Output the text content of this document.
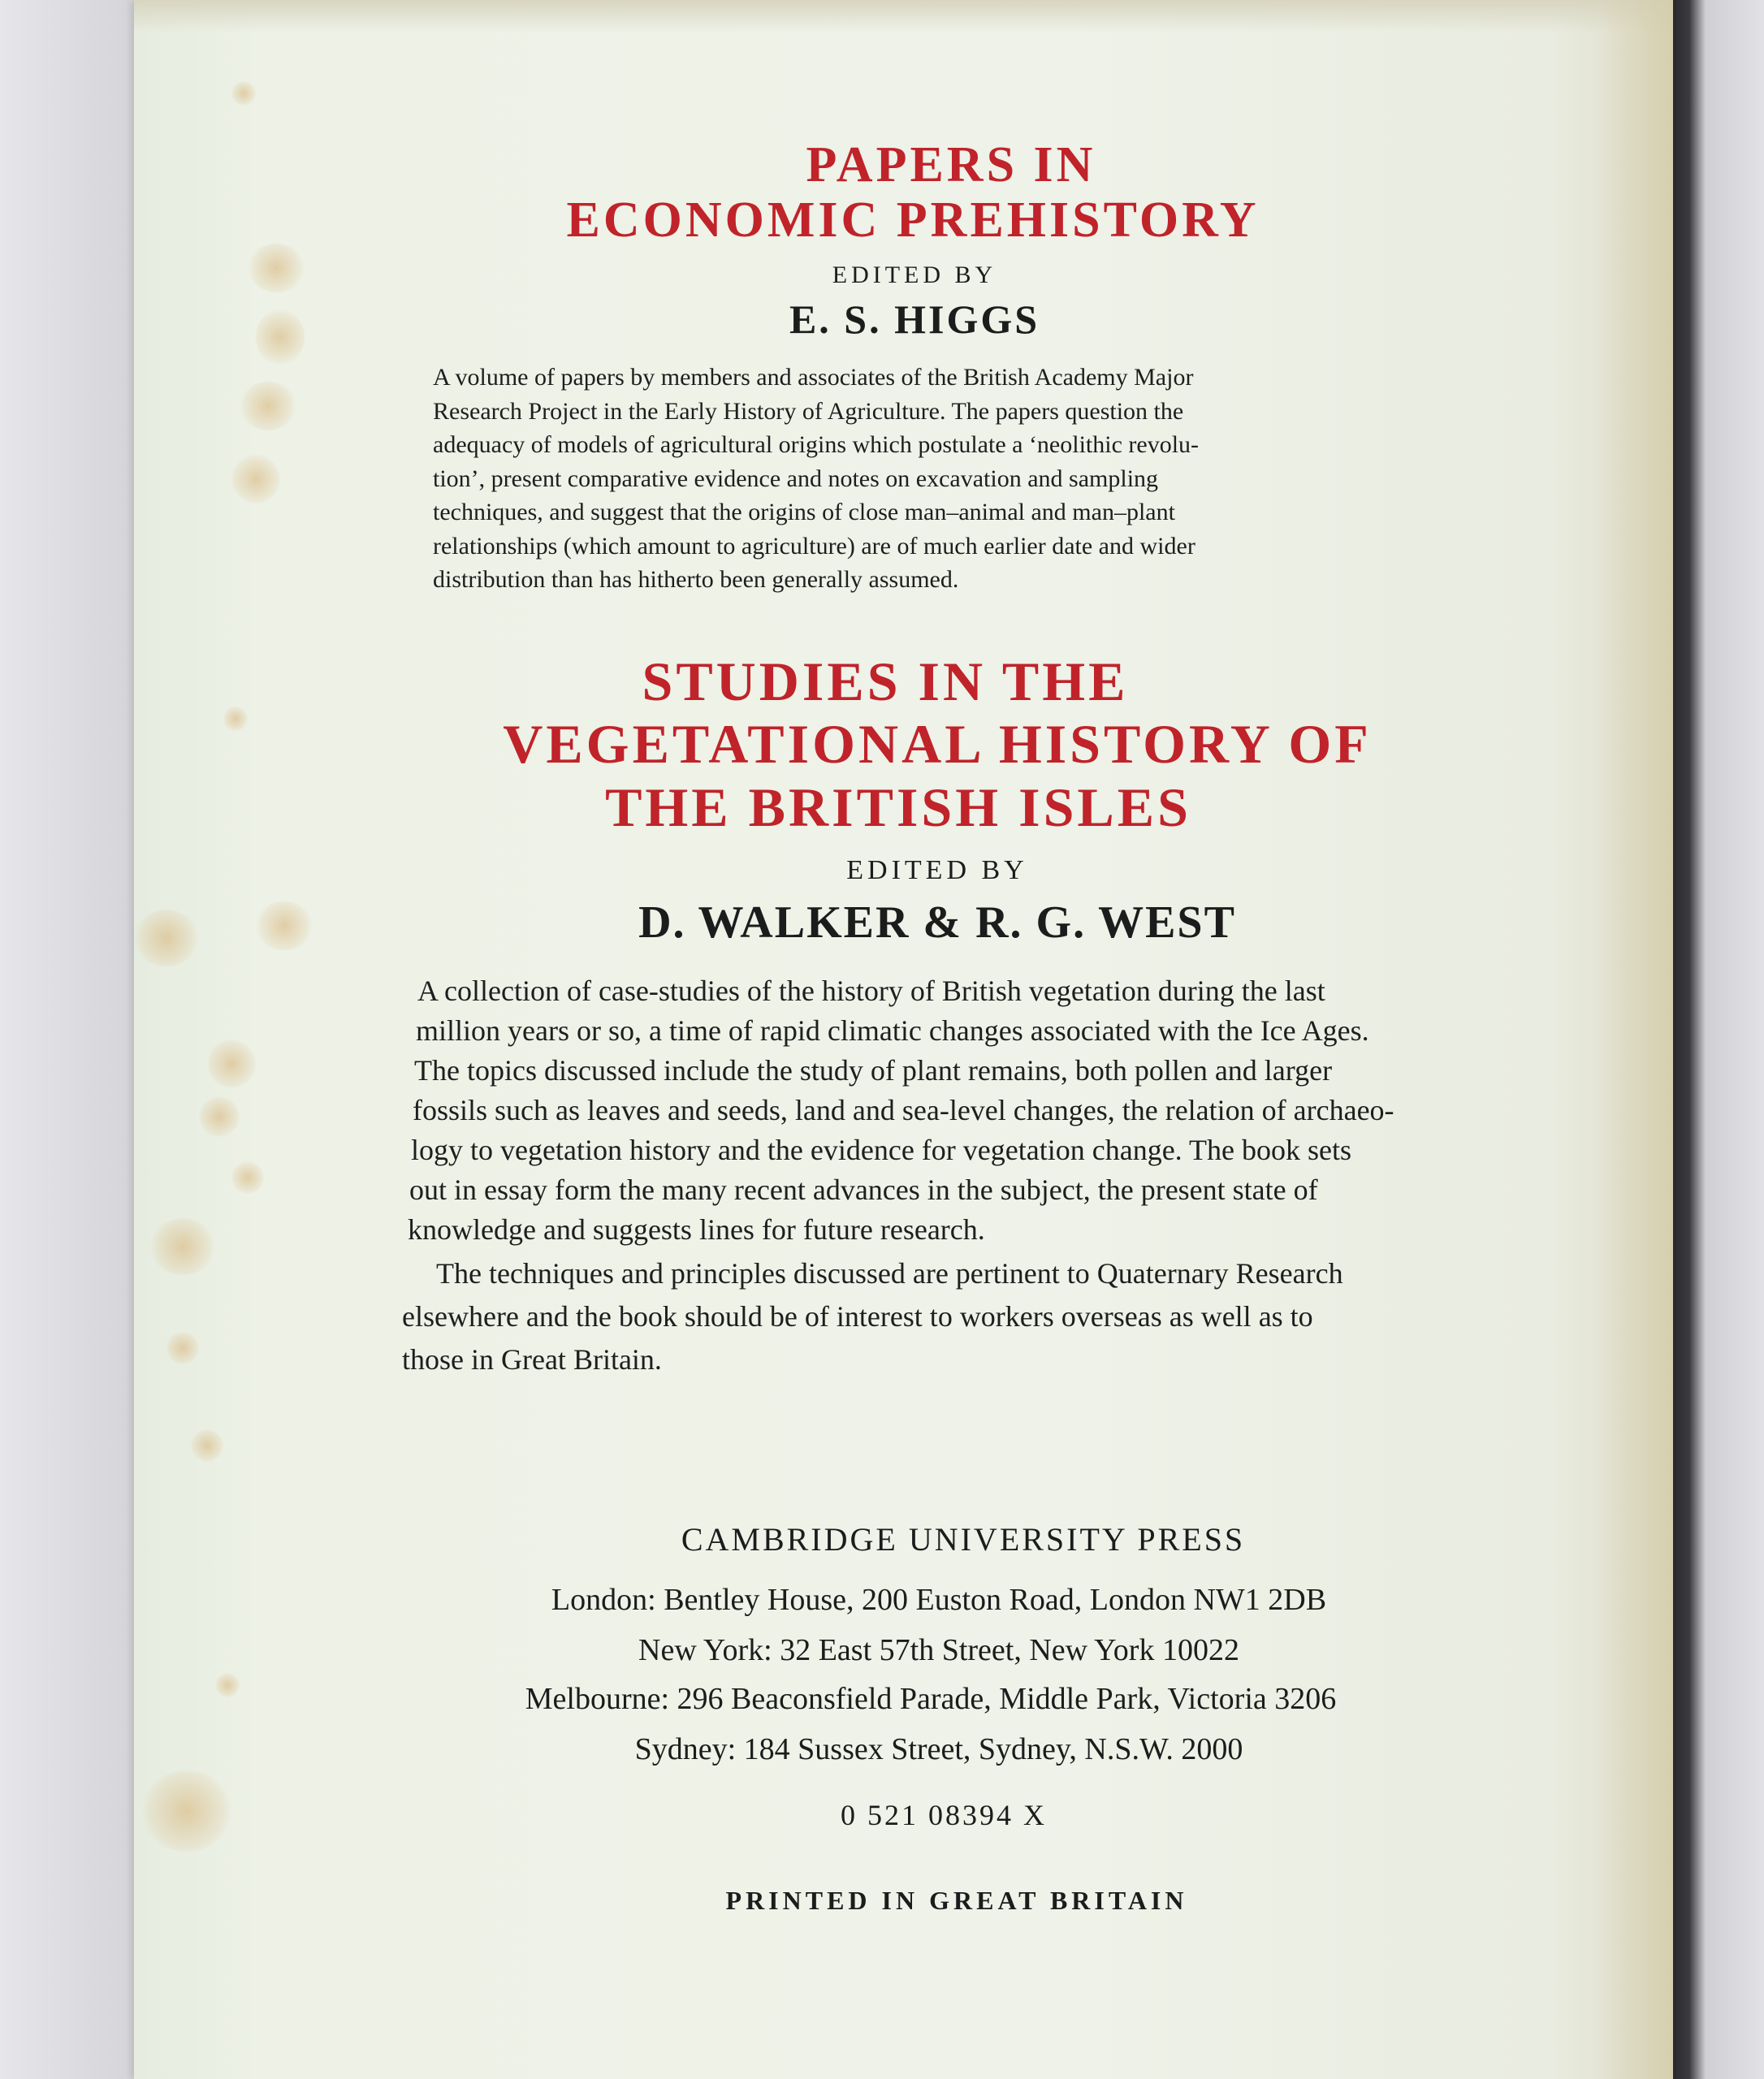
PAPERS IN
ECONOMIC PREHISTORY
EDITED BY
E. S. HIGGS
A volume of papers by members and associates of the British Academy Major
Research Project in the Early History of Agriculture. The papers question the
adequacy of models of agricultural origins which postulate a ‘neolithic revolu-
tion’, present comparative evidence and notes on excavation and sampling
techniques, and suggest that the origins of close man–animal and man–plant
relationships (which amount to agriculture) are of much earlier date and wider
distribution than has hitherto been generally assumed.
STUDIES IN THE
VEGETATIONAL HISTORY OF
THE BRITISH ISLES
EDITED BY
D. WALKER & R. G. WEST
A collection of case-studies of the history of British vegetation during the last
million years or so, a time of rapid climatic changes associated with the Ice Ages.
The topics discussed include the study of plant remains, both pollen and larger
fossils such as leaves and seeds, land and sea-level changes, the relation of archaeo-
logy to vegetation history and the evidence for vegetation change. The book sets
out in essay form the many recent advances in the subject, the present state of
knowledge and suggests lines for future research.
The techniques and principles discussed are pertinent to Quaternary Research
elsewhere and the book should be of interest to workers overseas as well as to
those in Great Britain.
CAMBRIDGE UNIVERSITY PRESS
London: Bentley House, 200 Euston Road, London NW1 2DB
New York: 32 East 57th Street, New York 10022
Melbourne: 296 Beaconsfield Parade, Middle Park, Victoria 3206
Sydney: 184 Sussex Street, Sydney, N.S.W. 2000
0 521 08394 X
PRINTED IN GREAT BRITAIN
